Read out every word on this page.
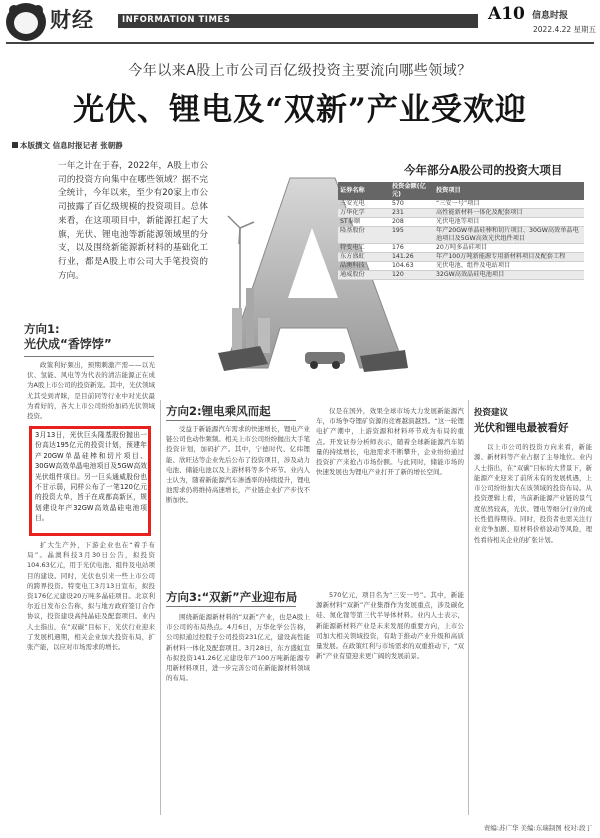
财经	INFORMATION TIMES	A10 信息时报
2022.4.22 星期五
今年以来A股上市公司百亿级投资主要流向哪些领域？
光伏、锂电及“双新”产业受欢迎
本版撰文 信息时报记者 张朝静
一年之计在于春，2022年，A股上市公司的投资方向集中在哪些领域？据不完全统计，今年以来，至少有20家上市公司披露了百亿级规模的投资项目。总体来看，在这项项目中，新能源扛起了大旗，光伏、锂电池等新能源领域里的分支，以及围绕新能源新材料的基础化工行业，都是A股上市公司大手笔投资的方向。
今年部分A股公司的投资大项目
证券名称	投资金额(亿元)	投资项目
三安光电	570	“三安一号”项目
万华化学	231	高性能新材料一体化及配套项目
ST泰顺	208	光伏电池等项目
隆基股份	195	年产20GW单晶硅棒和切片项目、30GW高效单晶电池项目及5GW高效光伏组件项目
特变电工	176	20万吨多晶硅项目
东方盛虹	141.26	年产100万吨新能源专用新材料项目及配套工程
晶澳科技	104.63	光伏电池、组件及电站项目
通威股份	120	32GW高效晶硅电池项目
方向1:
光伏成“香饽饽”

政策利好频出，预期刺激产需——以光伏、氢能、风电等为代表的清洁能源正在成为A股上市公司的投资新宠。其中，光伏领域尤其受到青睐，是目前同等行业中对光伏最为看好的，各大上市公司纷纷加码光伏领域投资。

3月13日，光伏巨头隆基股份抛出一份高达195亿元的投资计划，预建年产20GW单晶硅棒和切片项目、30GW高效单晶电池项目及5GW高效光伏组件项目。另一巨头通威股份也不甘示弱，同样公布了一笔120亿元的投资大单，旨于在成都高新区，规划建设年产32GW高效晶硅电池项目。

扩大生产外，下游企业也在“着手布局”。晶澳科技3月30日公告，拟投资104.63亿元，用于光伏电池、组件及电站项目的建设。同时，光伏也引来一些上市公司的跨界投资。特变电工3月13日宣布，拟投资176亿元建设20万吨多晶硅项目。北京利尔近日发布公告称，拟与地方政府签订合作协议，投资建设高纯晶硅及配套项目。业内人士指出，在“双碳”目标下，光伏行业迎来了发展机遇期，相关企业加大投资布局，扩张产能，以应对市场需求的增长。

方向2:锂电乘风而起

受益于新能源汽车需求的快速增长，锂电产业链公司也动作频频。相关上市公司纷纷抛出大手笔投资计划，加码扩产。其中，宁德时代、亿纬锂能、欣旺达等企业先后公布了投资项目，涉及动力电池、储能电池以及上游材料等多个环节。业内人士认为，随着新能源汽车渗透率的持续提升，锂电池需求仍将维持高速增长，产业链企业扩产步伐不断加快。

仅是在国外，效果全球市场大力发展新能源汽车，市场争夺锂矿资源的竞赛越演越烈。“这一轮锂电扩产潮中，上游资源和材料环节成为布局的重点。开发证券分析师表示，随着全球新能源汽车销量的持续增长，电池需求不断攀升，企业纷纷通过投资扩产来抢占市场份额。与此同时，储能市场的快速发展也为锂电产业打开了新的增长空间。

方向3:“双新”产业迎布局

围绕新能源新材料的“双新”产业，也是A股上市公司的布局热点。4月6日，万华化学公告称，公司拟通过控股子公司投资231亿元，建设高性能新材料一体化及配套项目。3月28日，东方盛虹宣布拟投资141.26亿元建设年产100万吨新能源专用新材料项目，进一步完善公司在新能源材料领域的布局。

570亿元，项目名为“三安一号”。其中，新能源新材料“双新”产业集群作为发展重点，涉及碳化硅、氮化镓等第三代半导体材料。业内人士表示，新能源新材料产业是未来发展的重要方向，上市公司加大相关领域投资，有助于推动产业升级和高质量发展。在政策红利与市场需求的双重推动下，“双新”产业有望迎来更广阔的发展前景。

投资建议
光伏和锂电最被看好

以上市公司的投资方向来看，新能源、新材料等产业占据了主导地位。业内人士指出，在“双碳”目标的大背景下，新能源产业迎来了前所未有的发展机遇，上市公司纷纷加大在该领域的投资布局。从投资逻辑上看，当前新能源产业链的景气度依然较高，光伏、锂电等细分行业的成长性值得期待。同时，投资者也需关注行业竞争加剧、原材料价格波动等风险，理性看待相关企业的扩张计划。

责编:苏广华 美编:东瑞制图 校对:段丁
